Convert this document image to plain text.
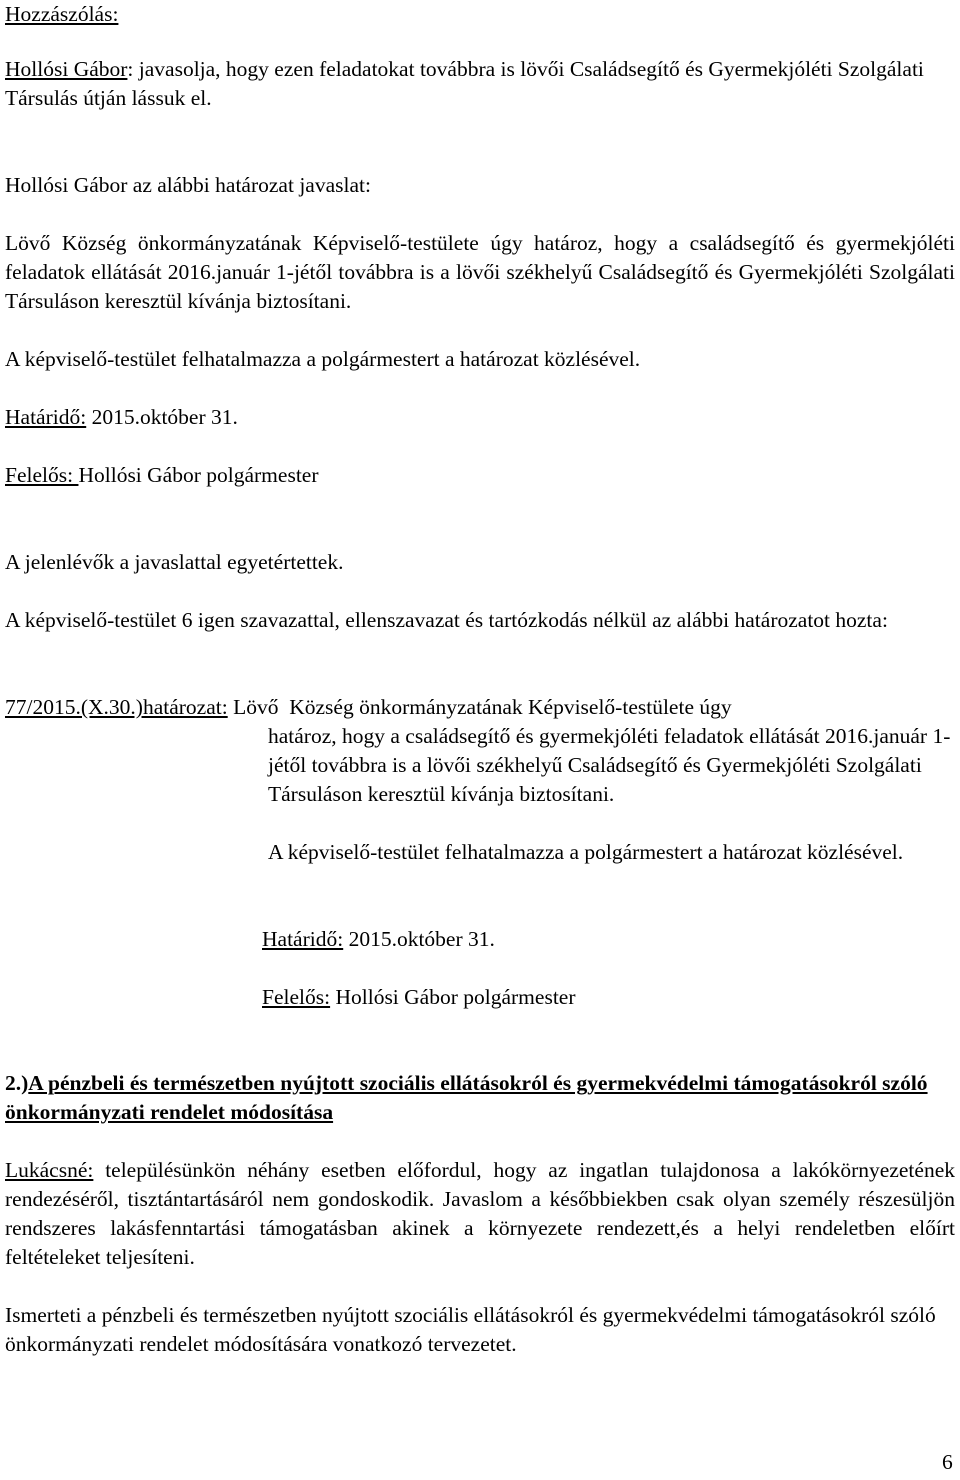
Hozzászólás:

Hollósi Gábor: javasolja, hogy ezen feladatokat továbbra is lövői Családsegítő és Gyermekjóléti Szolgálati Társulás útján lássuk el.

Hollósi Gábor az alábbi határozat javaslat:

Lövő Község önkormányzatának Képviselő-testülete úgy határoz, hogy a családsegítő és gyermekjóléti feladatok ellátását 2016.január 1-jétől továbbra is a lövői székhelyű Családsegítő és Gyermekjóléti Szolgálati Társuláson keresztül kívánja biztosítani.

A képviselő-testület felhatalmazza a polgármestert a határozat közlésével.

Határidő: 2015.október 31.

Felelős: Hollósi Gábor polgármester

A jelenlévők a javaslattal egyetértettek.

A képviselő-testület 6 igen szavazattal, ellenszavazat és tartózkodás nélkül az alábbi határozatot hozta:

77/2015.(X.30.)határozat: Lövő  Község önkormányzatának Képviselő-testülete úgy

határoz, hogy a családsegítő és gyermekjóléti feladatok ellátását 2016.január 1-jétől továbbra is a lövői székhelyű Családsegítő és Gyermekjóléti Szolgálati Társuláson keresztül kívánja biztosítani.

A képviselő-testület felhatalmazza a polgármestert a határozat közlésével.

Határidő: 2015.október 31.

Felelős: Hollósi Gábor polgármester

2.)A pénzbeli és természetben nyújtott szociális ellátásokról és gyermekvédelmi támogatásokról szóló önkormányzati rendelet módosítása

Lukácsné: településünkön néhány esetben előfordul, hogy az ingatlan tulajdonosa a lakókörnyezetének rendezéséről, tisztántartásáról nem gondoskodik. Javaslom a későbbiekben csak olyan személy részesüljön rendszeres lakásfenntartási támogatásban akinek a környezete rendezett,és a helyi rendeletben előírt feltételeket teljesíteni.

Ismerteti a pénzbeli és természetben nyújtott szociális ellátásokról és gyermekvédelmi támogatásokról szóló önkormányzati rendelet módosítására vonatkozó tervezetet.

6
